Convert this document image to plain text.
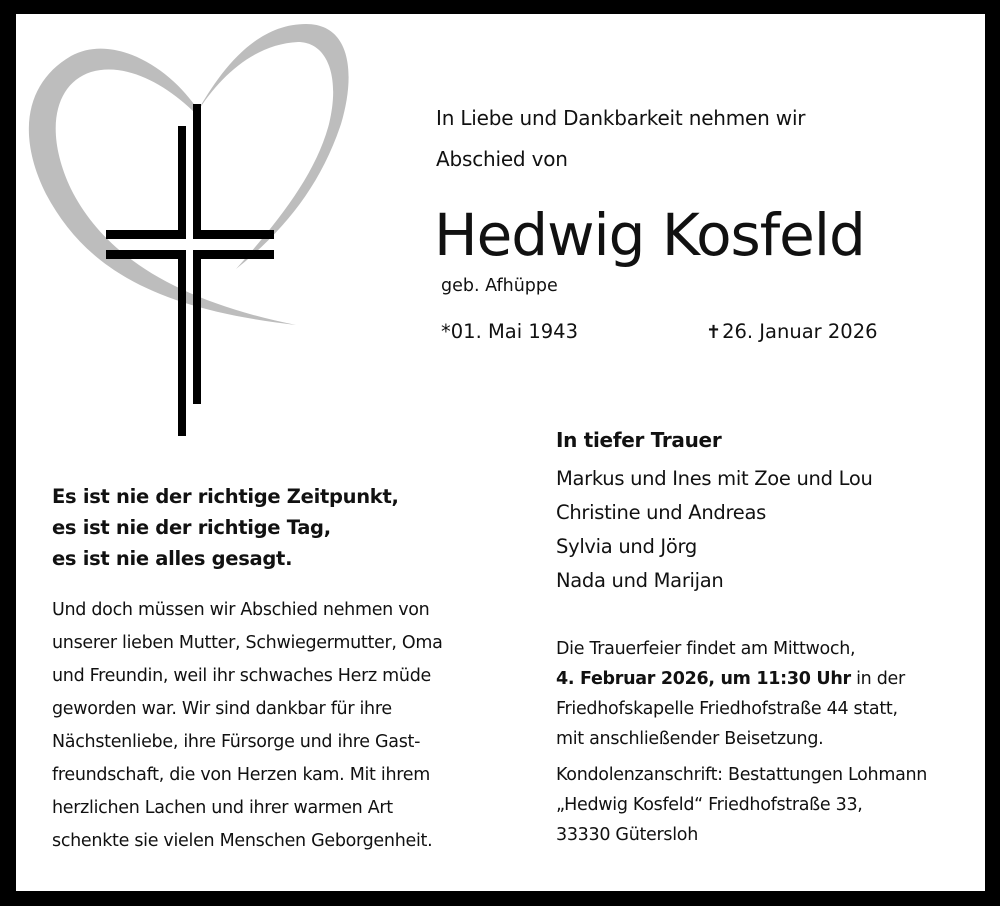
In Liebe und Dankbarkeit nehmen wir
Abschied von
Hedwig Kosfeld
geb. Afhüppe
*01. Mai 1943	✝26. Januar 2026
Es ist nie der richtige Zeitpunkt,
es ist nie der richtige Tag,
es ist nie alles gesagt.
Und doch müssen wir Abschied nehmen von
unserer lieben Mutter, Schwiegermutter, Oma
und Freundin, weil ihr schwaches Herz müde
geworden war. Wir sind dankbar für ihre
Nächstenliebe, ihre Fürsorge und ihre Gast-
freundschaft, die von Herzen kam. Mit ihrem
herzlichen Lachen und ihrer warmen Art
schenkte sie vielen Menschen Geborgenheit.
In tiefer Trauer
Markus und Ines mit Zoe und Lou
Christine und Andreas
Sylvia und Jörg
Nada und Marijan
Die Trauerfeier findet am Mittwoch,
4. Februar 2026, um 11:30 Uhr in der
Friedhofskapelle Friedhofstraße 44 statt,
mit anschließender Beisetzung.
Kondolenzanschrift: Bestattungen Lohmann
„Hedwig Kosfeld“ Friedhofstraße 33,
33330 Gütersloh
